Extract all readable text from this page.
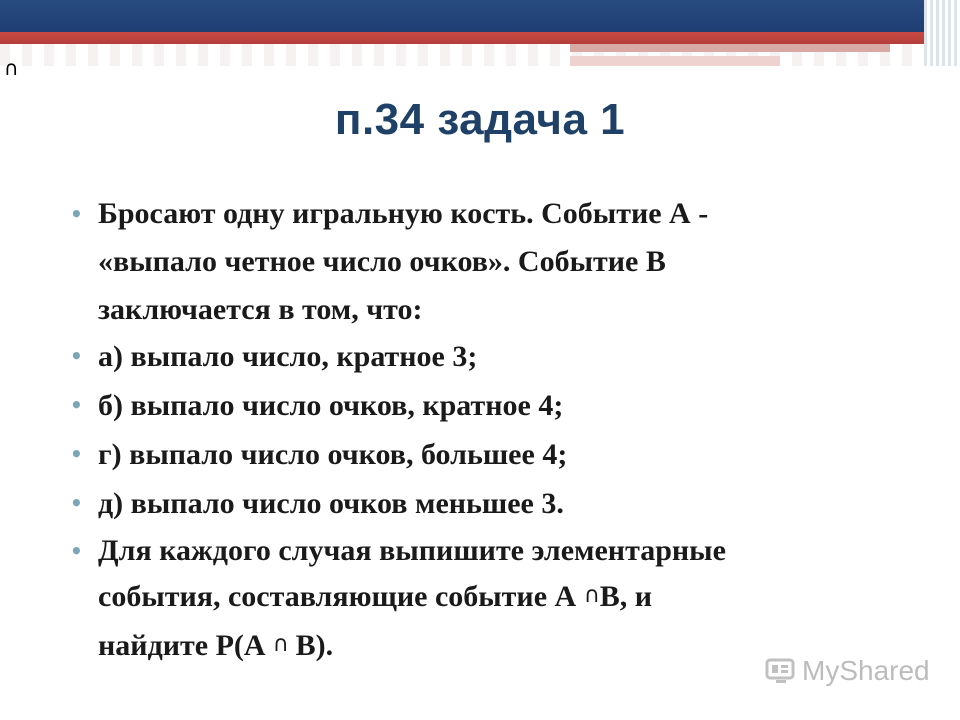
∩
п.34 задача 1
• Бросают одну игральную кость. Событие А -
«выпало четное число очков». Событие В
заключается в том, что:
• а) выпало число, кратное 3;
• б) выпало число очков, кратное 4;
• г) выпало число очков, большее 4;
• д) выпало число очков меньшее 3.
• Для каждого случая выпишите элементарные
события, составляющие событие А ∩В, и
найдите Р(А ∩ В).
MyShared
